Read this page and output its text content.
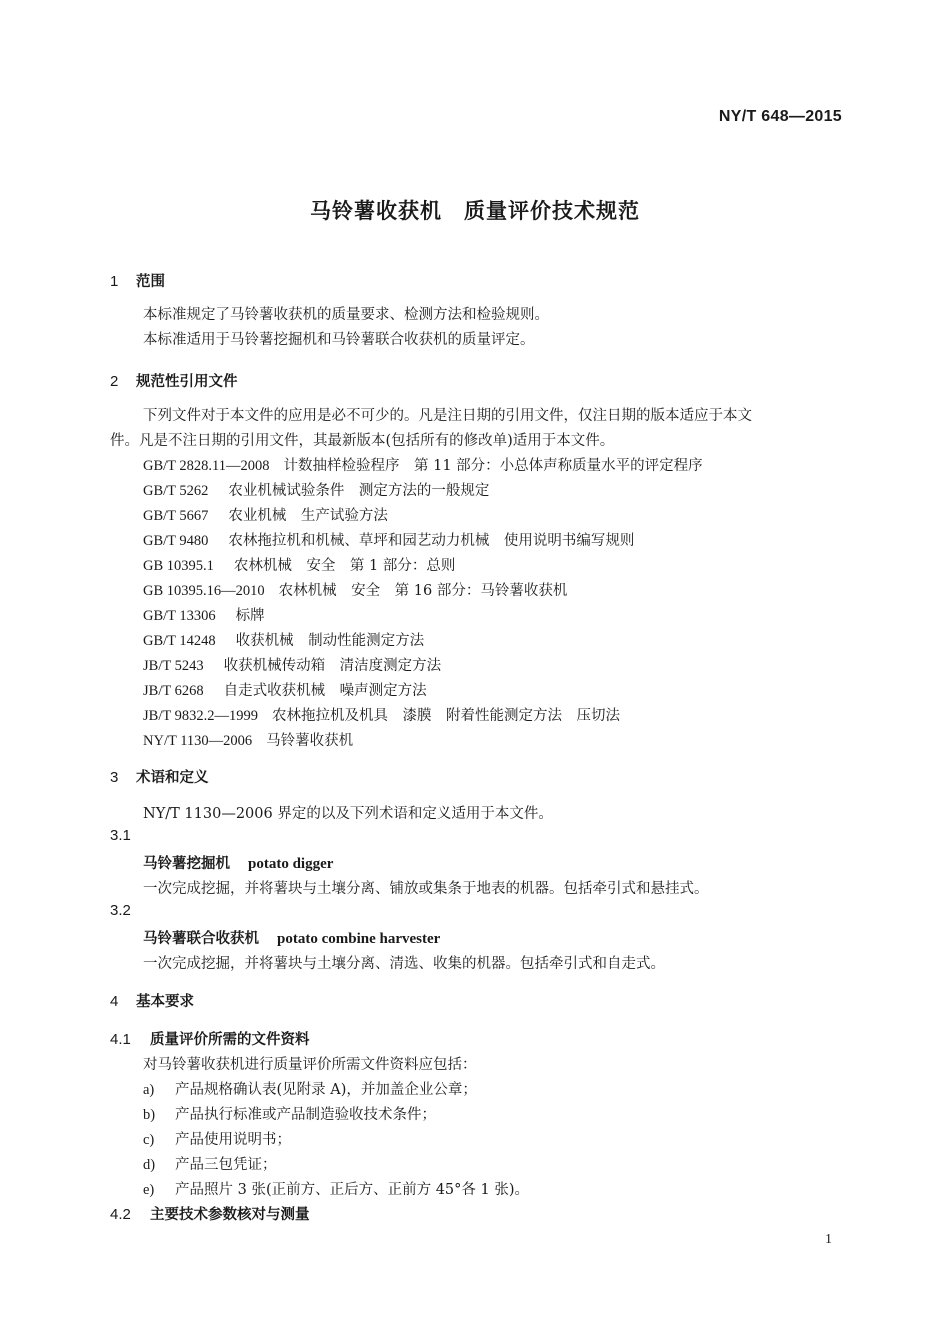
NY/T 648—2015
马铃薯收获机　质量评价技术规范
1 范围
本标准规定了马铃薯收获机的质量要求、检测方法和检验规则。
本标准适用于马铃薯挖掘机和马铃薯联合收获机的质量评定。
2 规范性引用文件
下列文件对于本文件的应用是必不可少的。凡是注日期的引用文件，仅注日期的版本适应于本文
件。凡是不注日期的引用文件，其最新版本(包括所有的修改单)适用于本文件。
GB/T 2828.11—2008 计数抽样检验程序　第 11 部分：小总体声称质量水平的评定程序
GB/T 5262 农业机械试验条件　测定方法的一般规定
GB/T 5667 农业机械　生产试验方法
GB/T 9480 农林拖拉机和机械、草坪和园艺动力机械　使用说明书编写规则
GB 10395.1 农林机械　安全　第 1 部分：总则
GB 10395.16—2010 农林机械　安全　第 16 部分：马铃薯收获机
GB/T 13306 标牌
GB/T 14248 收获机械　制动性能测定方法
JB/T 5243 收获机械传动箱　清洁度测定方法
JB/T 6268 自走式收获机械　噪声测定方法
JB/T 9832.2—1999 农林拖拉机及机具　漆膜　附着性能测定方法　压切法
NY/T 1130—2006 马铃薯收获机
3 术语和定义
NY/T 1130—2006 界定的以及下列术语和定义适用于本文件。
3.1
马铃薯挖掘机 potato digger
一次完成挖掘，并将薯块与土壤分离、铺放或集条于地表的机器。包括牵引式和悬挂式。
3.2
马铃薯联合收获机 potato combine harvester
一次完成挖掘，并将薯块与土壤分离、清选、收集的机器。包括牵引式和自走式。
4 基本要求
4.1 质量评价所需的文件资料
对马铃薯收获机进行质量评价所需文件资料应包括：
a) 产品规格确认表(见附录 A)，并加盖企业公章；
b) 产品执行标准或产品制造验收技术条件；
c) 产品使用说明书；
d) 产品三包凭证；
e) 产品照片 3 张(正前方、正后方、正前方 45°各 1 张)。
4.2 主要技术参数核对与测量
1
